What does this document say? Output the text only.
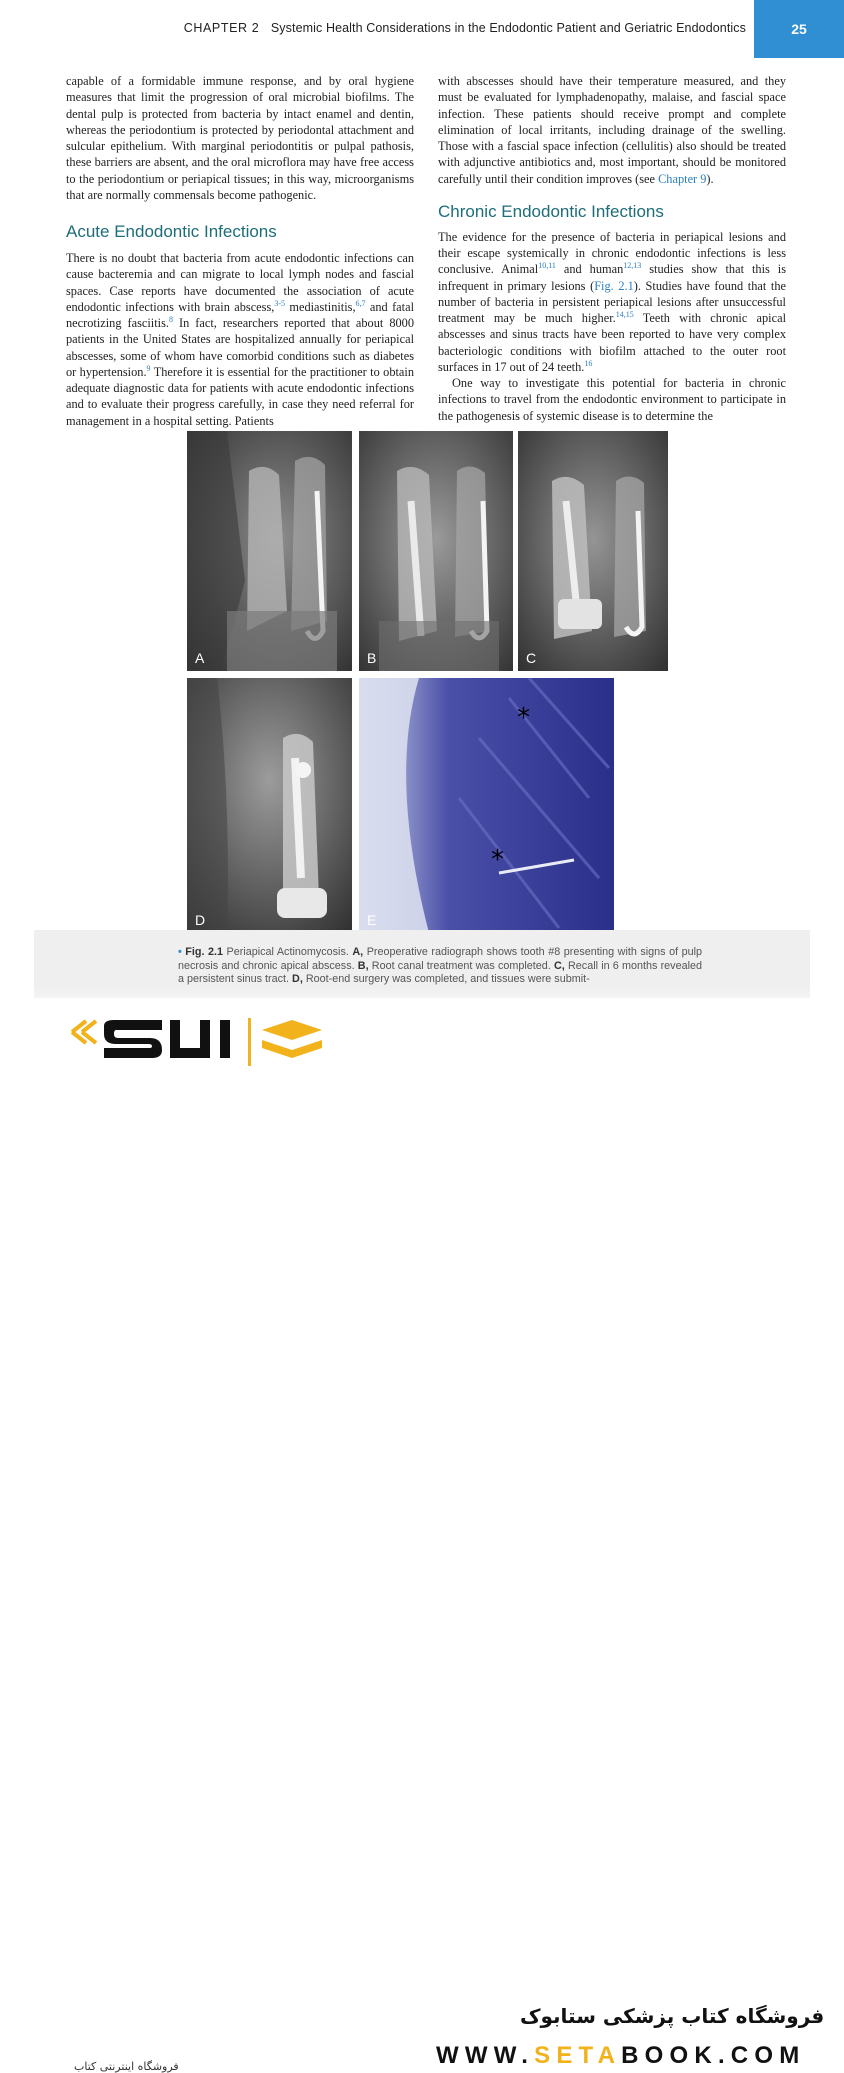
CHAPTER 2 Systemic Health Considerations in the Endodontic Patient and Geriatric Endodontics	25

capable of a formidable immune response, and by oral hygiene measures that limit the progression of oral microbial biofilms. The dental pulp is protected from bacteria by intact enamel and dentin, whereas the periodontium is protected by periodontal attachment and sulcular epithelium. With marginal periodontitis or pulpal pathosis, these barriers are absent, and the oral microflora may have free access to the periodontium or periapical tissues; in this way, microorganisms that are normally commensals become pathogenic.

Acute Endodontic Infections

There is no doubt that bacteria from acute endodontic infections can cause bacteremia and can migrate to local lymph nodes and fascial spaces. Case reports have documented the association of acute endodontic infections with brain abscess,$^{3-5}$ mediastinitis,$^{6,7}$ and fatal necrotizing fasciitis.$^8$ In fact, researchers reported that about 8000 patients in the United States are hospitalized annually for periapical abscesses, some of whom have comorbid conditions such as diabetes or hypertension.$^9$ Therefore it is essential for the practitioner to obtain adequate diagnostic data for patients with acute endodontic infections and to evaluate their progress carefully, in case they need referral for management in a hospital setting. Patients

with abscesses should have their temperature measured, and they must be evaluated for lymphadenopathy, malaise, and fascial space infection. These patients should receive prompt and complete elimination of local irritants, including drainage of the swelling. Those with a fascial space infection (cellulitis) also should be treated with adjunctive antibiotics and, most important, should be monitored carefully until their condition improves (see Chapter 9).

Chronic Endodontic Infections

The evidence for the presence of bacteria in periapical lesions and their escape systemically in chronic endodontic infections is less conclusive. Animal$^{10,11}$ and human$^{12,13}$ studies show that this is infrequent in primary lesions (Fig. 2.1). Studies have found that the number of bacteria in persistent periapical lesions after unsuccessful treatment may be much higher.$^{14,15}$ Teeth with chronic apical abscesses and sinus tracts have been reported to have very complex bacteriologic conditions with biofilm attached to the outer root surfaces in 17 out of 24 teeth.$^{16}$

One way to investigate this potential for bacteria in chronic infections to travel from the endodontic environment to participate in the pathogenesis of systemic disease is to determine the

A	B	C
D
*
*
E
• Fig. 2.1 Periapical Actinomycosis. A, Preoperative radiograph shows tooth #8 presenting with signs of pulp necrosis and chronic apical abscess. B, Root canal treatment was completed. C, Recall in 6 months revealed a persistent sinus tract. D, Root-end surgery was completed, and tissues were submit-
فروشگاه اینترنتی کتاب
فروشگاه کتاب پزشکی ستابوک
WWW.SETABOOK.COM
